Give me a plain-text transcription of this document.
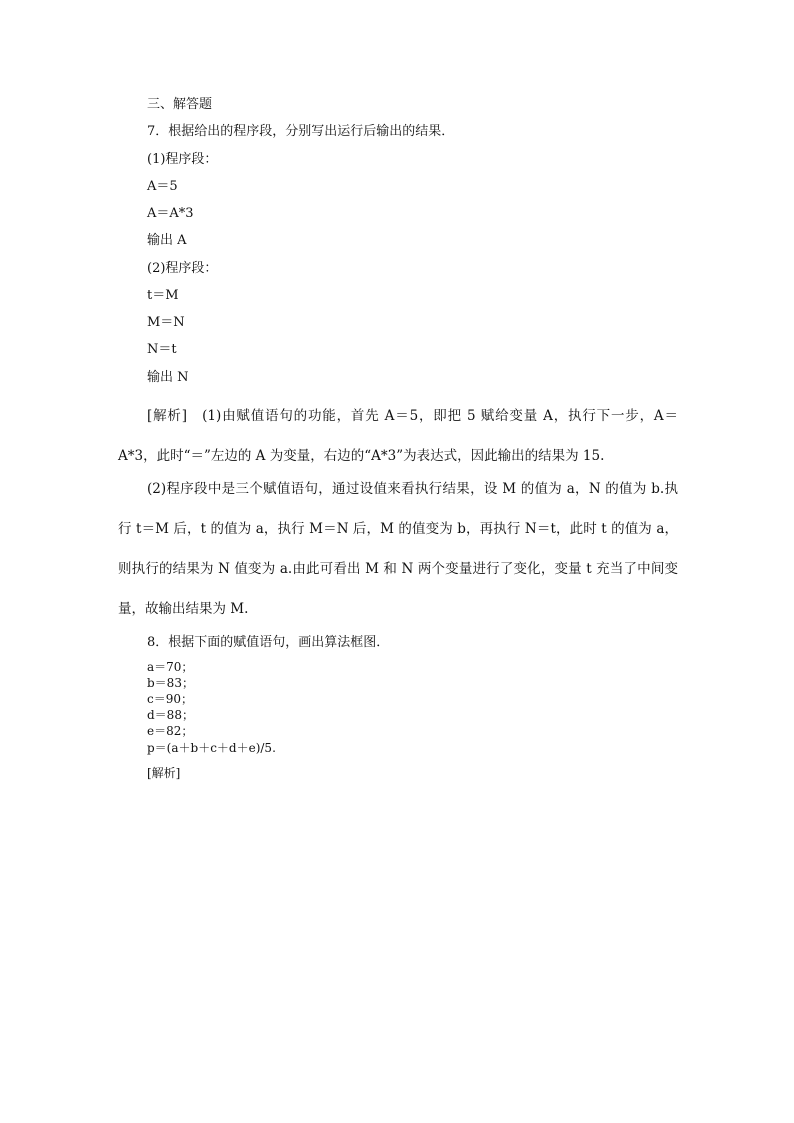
三、解答题
7．根据给出的程序段，分别写出运行后输出的结果．
(1)程序段：
A＝5
A＝A*3
输出 A
(2)程序段：
t＝M
M＝N
N＝t
输出 N

[解析]　(1)由赋值语句的功能，首先 A＝5，即把 5 赋给变量 A，执行下一步，A＝A*3，此时“＝”左边的 A 为变量，右边的“A*3”为表达式，因此输出的结果为 15.

(2)程序段中是三个赋值语句，通过设值来看执行结果，设 M 的值为 a，N 的值为 b.执行 t＝M 后，t 的值为 a，执行 M＝N 后，M 的值变为 b，再执行 N＝t，此时 t 的值为 a，则执行的结果为 N 值变为 a.由此可看出 M 和 N 两个变量进行了变化，变量 t 充当了中间变量，故输出结果为 M.

8．根据下面的赋值语句，画出算法框图．
a＝70；
b＝83；
c＝90；
d＝88；
e＝82；
p＝(a＋b＋c＋d＋e)/5.
[解析]
